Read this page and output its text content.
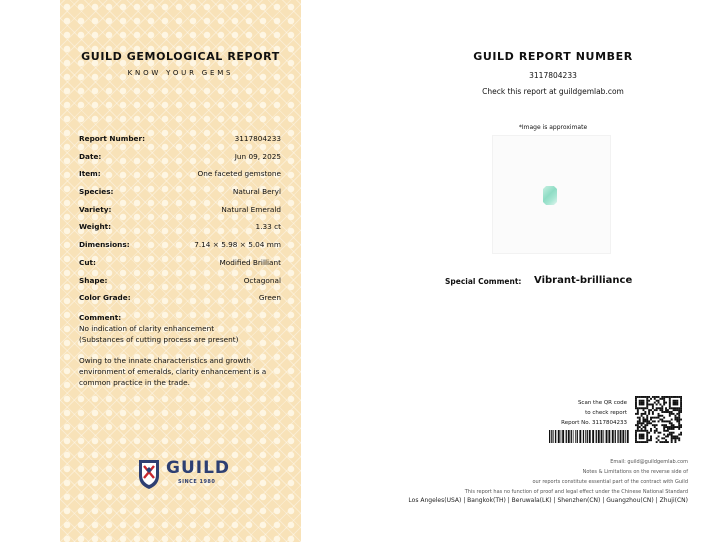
GUILD GEMOLOGICAL REPORT
KNOW YOUR GEMS
Report Number:	3117804233
Date:	Jun 09, 2025
Item:	One faceted gemstone
Species:	Natural Beryl
Variety:	Natural Emerald
Weight:	1.33 ct
Dimensions:	7.14 × 5.98 × 5.04 mm
Cut:	Modified Brilliant
Shape:	Octagonal
Color Grade:	Green
Comment:
No indication of clarity enhancement
(Substances of cutting process are present)
Owing to the innate characteristics and growth environment of emeralds, clarity enhancement is a common practice in the trade.
GUILD
SINCE 1980
GUILD REPORT NUMBER
3117804233
Check this report at guildgemlab.com
*Image is approximate
Special Comment: Vibrant-brilliance
Scan the QR code
to check report
Report No. 3117804233
Email: guild@guildgemlab.com
Notes & Limitations on the reverse side of
our reports constitute essential part of the contract with Guild
This report has no function of proof and legal effect under the Chinese National Standard
Los Angeles(USA) | Bangkok(TH) | Beruwala(LK) | Shenzhen(CN) | Guangzhou(CN) | Zhuji(CN)
